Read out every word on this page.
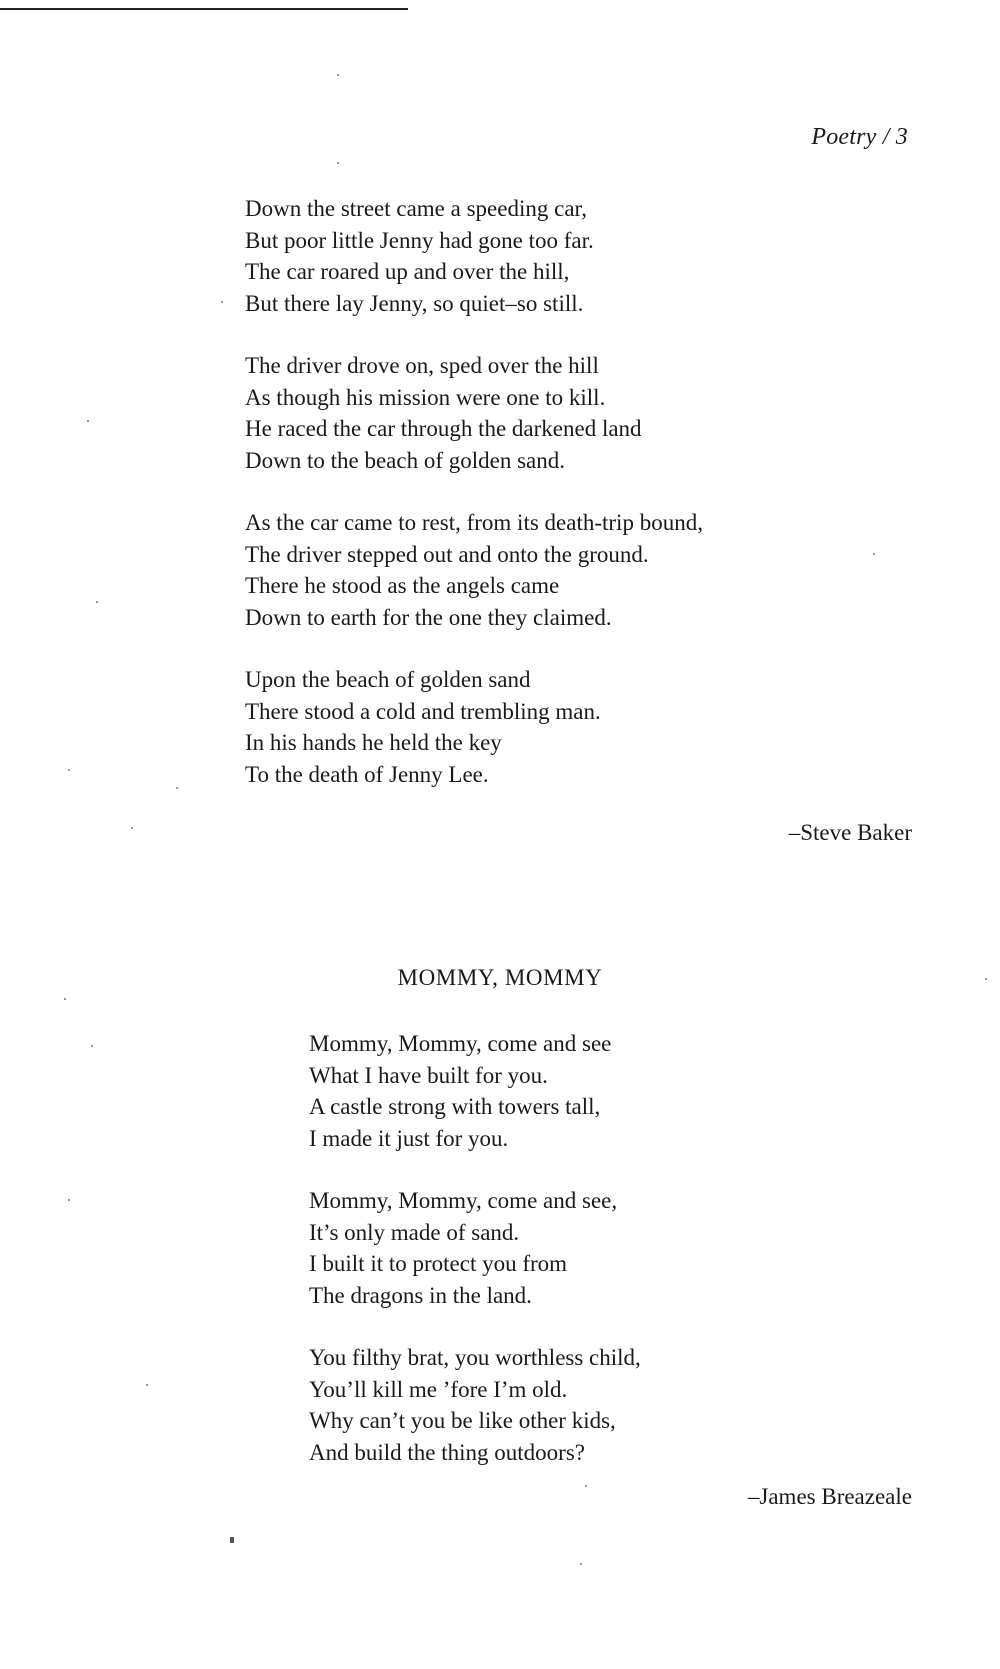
Poetry / 3
Down the street came a speeding car,
But poor little Jenny had gone too far.
The car roared up and over the hill,
But there lay Jenny, so quiet–so still.
The driver drove on, sped over the hill
As though his mission were one to kill.
He raced the car through the darkened land
Down to the beach of golden sand.
As the car came to rest, from its death-trip bound,
The driver stepped out and onto the ground.
There he stood as the angels came
Down to earth for the one they claimed.
Upon the beach of golden sand
There stood a cold and trembling man.
In his hands he held the key
To the death of Jenny Lee.
–Steve Baker
MOMMY, MOMMY
Mommy, Mommy, come and see
What I have built for you.
A castle strong with towers tall,
I made it just for you.
Mommy, Mommy, come and see,
It’s only made of sand.
I built it to protect you from
The dragons in the land.
You filthy brat, you worthless child,
You’ll kill me ’fore I’m old.
Why can’t you be like other kids,
And build the thing outdoors?
–James Breazeale
